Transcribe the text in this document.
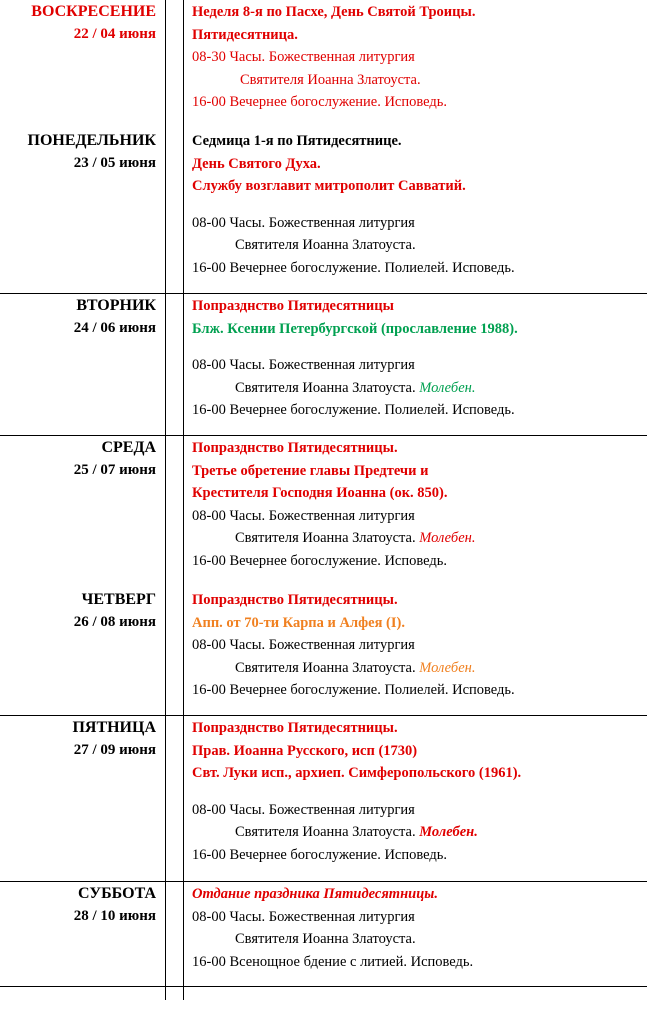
ВОСКРЕСЕНИЕ
22 / 04 июня
Неделя 8-я по Пасхе, День Святой Троицы.
Пятидесятница.
08-30 Часы. Божественная литургия
Святителя Иоанна Златоуста.
16-00 Вечернее богослужение. Исповедь.
ПОНЕДЕЛЬНИК
23 / 05 июня
Седмица 1-я по Пятидесятнице.
День Святого Духа.
Службу возглавит митрополит Савватий.
08-00 Часы. Божественная литургия
Святителя Иоанна Златоуста.
16-00 Вечернее богослужение. Полиелей. Исповедь.
ВТОРНИК
24 / 06 июня
Попразднство Пятидесятницы
Блж. Ксении Петербургской (прославление 1988).
08-00 Часы. Божественная литургия
Святителя Иоанна Златоуста. Молебен.
16-00 Вечернее богослужение. Полиелей. Исповедь.
СРЕДА
25 / 07 июня
Попразднство Пятидесятницы.
Третье обретение главы Предтечи и
Крестителя Господня Иоанна (ок. 850).
08-00 Часы. Божественная литургия
Святителя Иоанна Златоуста. Молебен.
16-00 Вечернее богослужение. Исповедь.
ЧЕТВЕРГ
26 / 08 июня
Попразднство Пятидесятницы.
Апп. от 70-ти Карпа и Алфея (I).
08-00 Часы. Божественная литургия
Святителя Иоанна Златоуста. Молебен.
16-00 Вечернее богослужение. Полиелей. Исповедь.
ПЯТНИЦА
27 / 09 июня
Попразднство Пятидесятницы.
Прав. Иоанна Русского, исп (1730)
Свт. Луки исп., архиеп. Симферопольского (1961).
08-00 Часы. Божественная литургия
Святителя Иоанна Златоуста. Молебен.
16-00 Вечернее богослужение. Исповедь.
СУББОТА
28 / 10 июня
Отдание праздника Пятидесятницы.
08-00 Часы. Божественная литургия
Святителя Иоанна Златоуста.
16-00 Всенощное бдение с литией. Исповедь.
